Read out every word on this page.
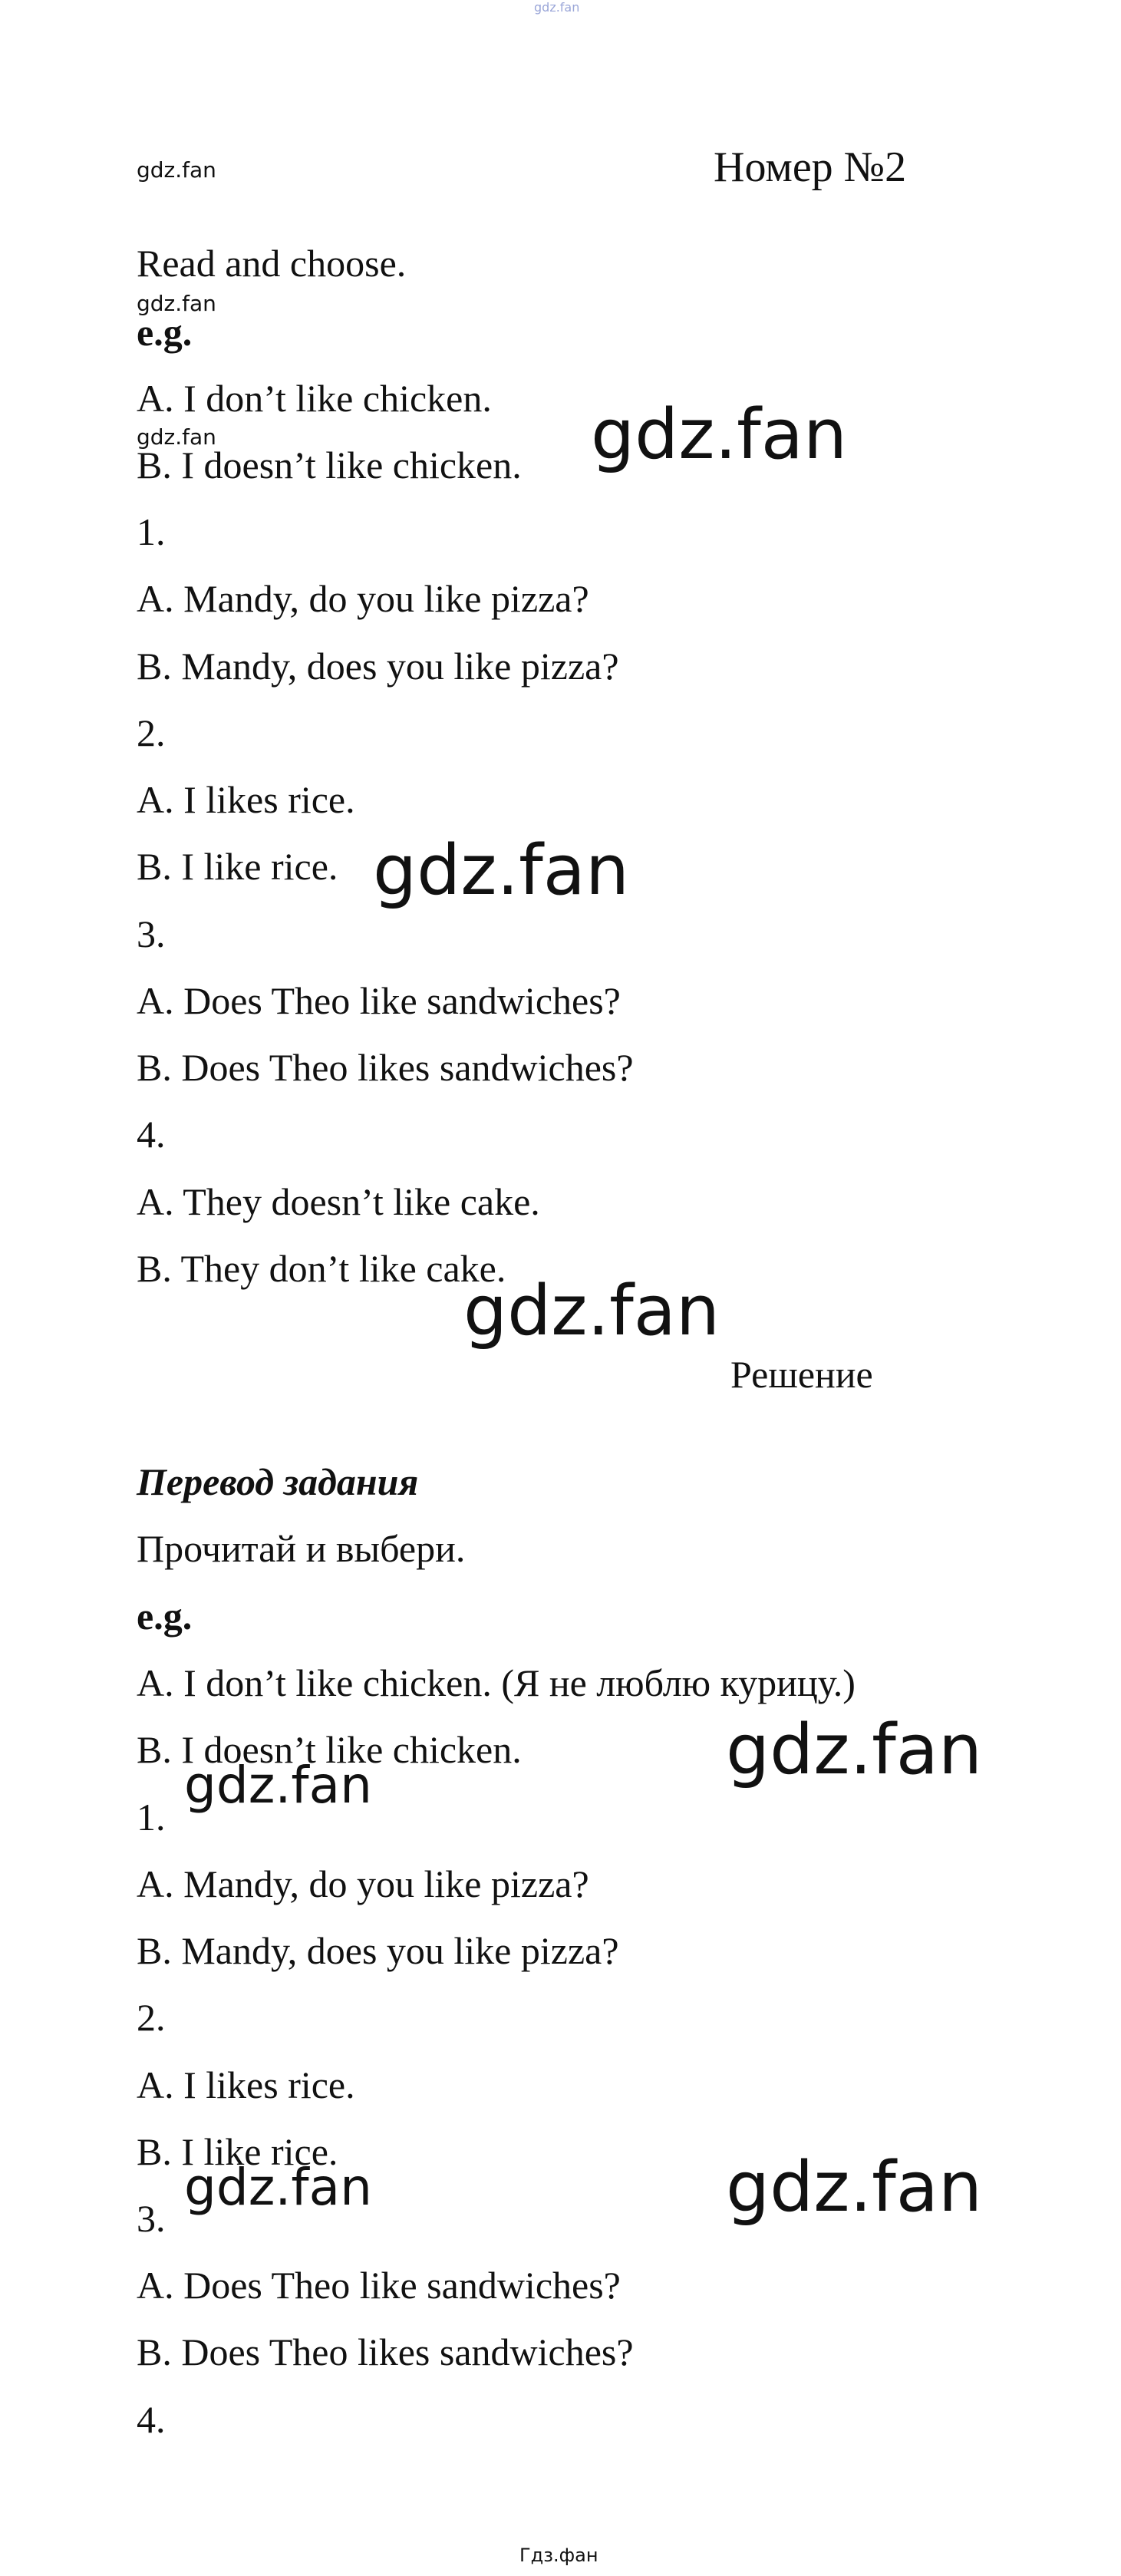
gdz.fan
gdz.fan	Номер №2
Read and choose.
gdz.fan
e.g.
A. I don’t like chicken.
gdz.fan
B. I doesn’t like chicken. gdz.fan
1.
A. Mandy, do you like pizza?
B. Mandy, does you like pizza?
2.
A. I likes rice.
B. I like rice. gdz.fan
3.
A. Does Theo like sandwiches?
B. Does Theo likes sandwiches?
4.
A. They doesn’t like cake.
B. They don’t like cake.
gdz.fan
Решение
Перевод задания
Прочитай и выбери.
e.g.
A. I don’t like chicken. (Я не люблю курицу.)
B. I doesn’t like chicken.	gdz.fan
gdz.fan
1.
A. Mandy, do you like pizza?
B. Mandy, does you like pizza?
2.
A. I likes rice.
B. I like rice.
gdz.fan	gdz.fan
3.
A. Does Theo like sandwiches?
B. Does Theo likes sandwiches?
4.
Гдз.фан
